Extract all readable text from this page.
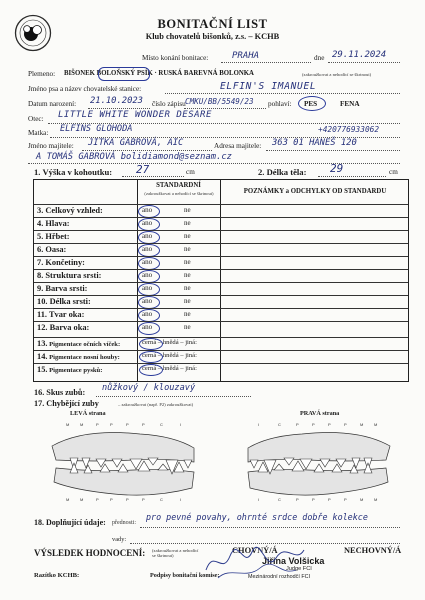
BONITAČNÍ LIST
Klub chovatelů bišonků, z.s. – KCHB
Místo konání bonitace:	PRAHA	dne 29.11.2024
Plemeno: BIŠONEK BOLOŇSKÝ PSÍK · RUSKÁ BAREVNÁ BOLONKA	(zakroužkovat a nehodící se škrtnout)
Jméno psa a název chovatelské stanice:	ELFIN'S IMANUEL
Datum narození: 21.10.2023 číslo zápisu CMKU/BB/5549/23 pohlaví: PES	FENA
Otec: LITTLE WHITE WONDER DESARE
Matka: ELFINS GLOHODA	+420776933062
Jméno majitele: JITKA GABROVÁ, AIC	Adresa majitele: 363 01 HANEŠ 120
A TOMÁŠ GABROVÁ bolidiamond@seznam.cz
1. Výška v kohoutku: 27	cm	2. Délka těla: 29	cm
STANDARDNÍ
(zakroužkovat a nehodící se škrtnout)	POZNÁMKY a ODCHYLKY OD STANDARDU
3. Celkový vzhled:	ano	ne
4. Hlava:	ano	ne
5. Hřbet:	ano	ne
6. Oasa:	ano	ne
7. Končetiny:	ano	ne
8. Struktura srsti:	ano	ne
9. Barva srsti:	ano	ne
10. Délka srsti:	ano	ne
11. Tvar oka:	ano	ne
12. Barva oka:	ano	ne
13. Pigmentace očních víček:	černá – hnědá – jiná:
14. Pigmentace nosní houby:	černá – hnědá – jiná:
15. Pigmentace pysků:	černá – hnědá – jiná:
16. Skus zubů: nůžkový / klouzavý
17. Chybějící zuby	– zakroužkovat (např. P2) zakroužkovat)
LEVÁ strana	PRAVÁ strana
M	M	P	P	P	P	C	I
M	M	P	P	P	P	C	I
I	C	P	P	P	P	M	M
I	C	P	P	P	P	M	M
18. Doplňující údaje: přednosti:
pro pevné povahy, ohrnté srdce dobře kolekce
vady:
VÝSLEDEK HODNOCENÍ: (zakroužkovat a nehodící se škrtnout)
CHOVNÝ/Á	NECHOVNÝ/Á
Razítko KCHB:	Podpisy bonitační komise:
Jiřina Volšicka
Judge FCI
Mezinárodní rozhodčí FCI
